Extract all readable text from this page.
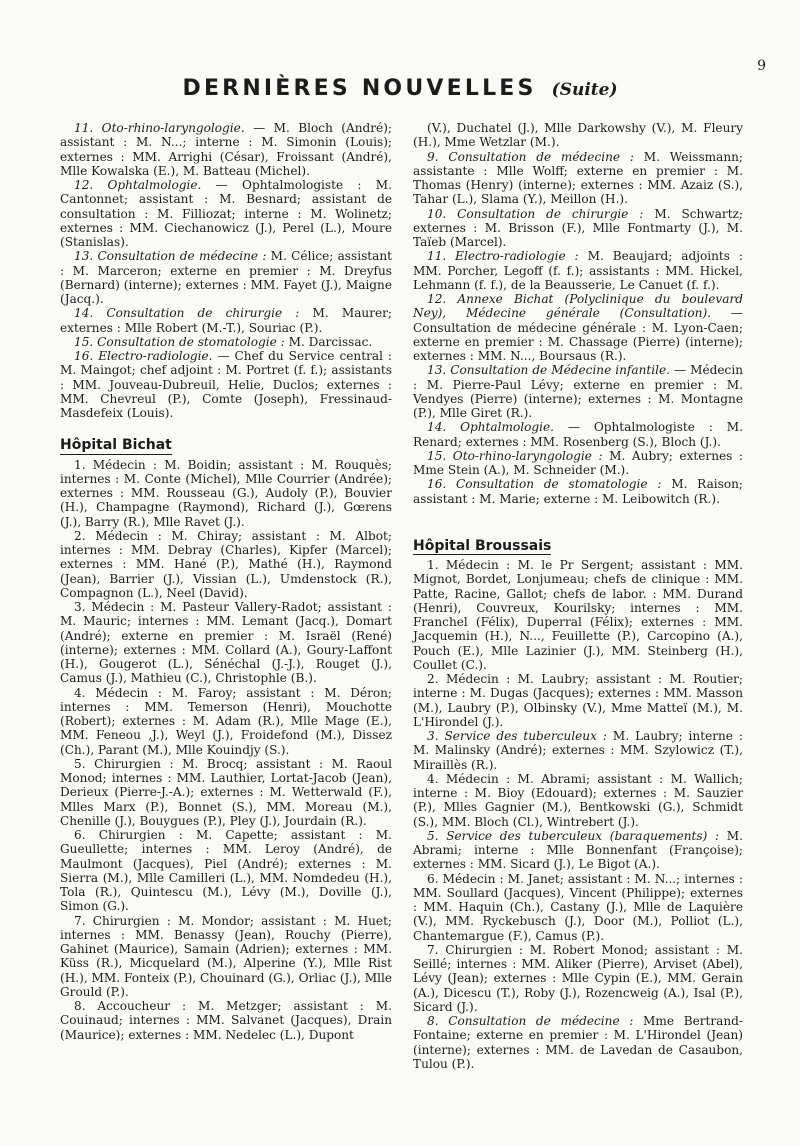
9
DERNIÈRES NOUVELLES (Suite)

11. Oto-rhino-laryngologie. — M. Bloch (André); assistant : M. N...; interne : M. Simonin (Louis); externes : MM. Arrighi (César), Froissant (André), Mlle Kowalska (E.), M. Batteau (Michel).

12. Ophtalmologie. — Ophtalmologiste : M. Cantonnet; assistant : M. Besnard; assistant de consultation : M. Filliozat; interne : M. Wolinetz; externes : MM. Ciechanowicz (J.), Perel (L.), Moure (Stanislas).

13. Consultation de médecine : M. Célice; assistant : M. Marceron; externe en premier : M. Dreyfus (Bernard) (interne); externes : MM. Fayet (J.), Maigne (Jacq.).

14. Consultation de chirurgie : M. Maurer; externes : Mlle Robert (M.-T.), Souriac (P.).

15. Consultation de stomatologie : M. Darcissac.

16. Electro-radiologie. — Chef du Service central : M. Maingot; chef adjoint : M. Portret (f. f.); assistants : MM. Jouveau-Dubreuil, Helie, Duclos; externes : MM. Chevreul (P.), Comte (Joseph), Fressinaud-Masdefeix (Louis).

Hôpital Bichat

1. Médecin : M. Boidin; assistant : M. Rouquès; internes : M. Conte (Michel), Mlle Courrier (Andrée); externes : MM. Rousseau (G.), Audoly (P.), Bouvier (H.), Champagne (Raymond), Richard (J.), Gœrens (J.), Barry (R.), Mlle Ravet (J.).

2. Médecin : M. Chiray; assistant : M. Albot; internes : MM. Debray (Charles), Kipfer (Marcel); externes : MM. Hané (P.), Mathé (H.), Raymond (Jean), Barrier (J.), Vissian (L.), Umdenstock (R.), Compagnon (L.), Neel (David).

3. Médecin : M. Pasteur Vallery-Radot; assistant : M. Mauric; internes : MM. Lemant (Jacq.), Domart (André); externe en premier : M. Israël (René) (interne); externes : MM. Collard (A.), Goury-Laffont (H.), Gougerot (L.), Sénéchal (J.-J.), Rouget (J.), Camus (J.), Mathieu (C.), Christophle (B.).

4. Médecin : M. Faroy; assistant : M. Déron; internes : MM. Temerson (Henri), Mouchotte (Robert); externes : M. Adam (R.), Mlle Mage (E.), MM. Feneou ,J.), Weyl (J.), Froidefond (M.), Dissez (Ch.), Parant (M.), Mlle Kouindjy (S.).

5. Chirurgien : M. Brocq; assistant : M. Raoul Monod; internes : MM. Lauthier, Lortat-Jacob (Jean), Derieux (Pierre-J.-A.); externes : M. Wetterwald (F.), Mlles Marx (P.), Bonnet (S.), MM. Moreau (M.), Chenille (J.), Bouygues (P.), Pley (J.), Jourdain (R.).

6. Chirurgien : M. Capette; assistant : M. Gueullette; internes : MM. Leroy (André), de Maulmont (Jacques), Piel (André); externes : M. Sierra (M.), Mlle Camilleri (L.), MM. Nomdedeu (H.), Tola (R.), Quintescu (M.), Lévy (M.), Doville (J.), Simon (G.).

7. Chirurgien : M. Mondor; assistant : M. Huet; internes : MM. Benassy (Jean), Rouchy (Pierre), Gahinet (Maurice), Samain (Adrien); externes : MM. Küss (R.), Micquelard (M.), Alperine (Y.), Mlle Rist (H.), MM. Fonteix (P.), Chouinard (G.), Orliac (J.), Mlle Grould (P.).

8. Accoucheur : M. Metzger; assistant : M. Couinaud; internes : MM. Salvanet (Jacques), Drain (Maurice); externes : MM. Nedelec (L.), Dupont

(V.), Duchatel (J.), Mlle Darkowshy (V.), M. Fleury (H.), Mme Wetzlar (M.).

9. Consultation de médecine : M. Weissmann; assistante : Mlle Wolff; externe en premier : M. Thomas (Henry) (interne); externes : MM. Azaiz (S.), Tahar (L.), Slama (Y.), Meillon (H.).

10. Consultation de chirurgie : M. Schwartz; externes : M. Brisson (F.), Mlle Fontmarty (J.), M. Taïeb (Marcel).

11. Electro-radiologie : M. Beaujard; adjoints : MM. Porcher, Legoff (f. f.); assistants : MM. Hickel, Lehmann (f. f.), de la Beausserie, Le Canuet (f. f.).

12. Annexe Bichat (Polyclinique du boulevard Ney), Médecine générale (Consultation). — Consultation de médecine générale : M. Lyon-Caen; externe en premier : M. Chassage (Pierre) (interne); externes : MM. N..., Boursaus (R.).

13. Consultation de Médecine infantile. — Médecin : M. Pierre-Paul Lévy; externe en premier : M. Vendyes (Pierre) (interne); externes : M. Montagne (P.), Mlle Giret (R.).

14. Ophtalmologie. — Ophtalmologiste : M. Renard; externes : MM. Rosenberg (S.), Bloch (J.).

15. Oto-rhino-laryngologie : M. Aubry; externes : Mme Stein (A.), M. Schneider (M.).

16. Consultation de stomatologie : M. Raison; assistant : M. Marie; externe : M. Leibowitch (R.).

Hôpital Broussais

1. Médecin : M. le Pr Sergent; assistant : MM. Mignot, Bordet, Lonjumeau; chefs de clinique : MM. Patte, Racine, Gallot; chefs de labor. : MM. Durand (Henri), Couvreux, Kourilsky; internes : MM. Franchel (Félix), Duperral (Félix); externes : MM. Jacquemin (H.), N..., Feuillette (P.), Carcopino (A.), Pouch (E.), Mlle Lazinier (J.), MM. Steinberg (H.), Coullet (C.).

2. Médecin : M. Laubry; assistant : M. Routier; interne : M. Dugas (Jacques); externes : MM. Masson (M.), Laubry (P.), Olbinsky (V.), Mme Matteï (M.), M. L'Hirondel (J.).

3. Service des tuberculeux : M. Laubry; interne : M. Malinsky (André); externes : MM. Szylowicz (T.), Miraillès (R.).

4. Médecin : M. Abrami; assistant : M. Wallich; interne : M. Bioy (Edouard); externes : M. Sauzier (P.), Mlles Gagnier (M.), Bentkowski (G.), Schmidt (S.), MM. Bloch (Cl.), Wintrebert (J.).

5. Service des tuberculeux (baraquements) : M. Abrami; interne : Mlle Bonnenfant (Françoise); externes : MM. Sicard (J.), Le Bigot (A.).

6. Médecin : M. Janet; assistant : M. N...; internes : MM. Soullard (Jacques), Vincent (Philippe); externes : MM. Haquin (Ch.), Castany (J.), Mlle de Laquière (V.), MM. Ryckebusch (J.), Door (M.), Polliot (L.), Chantemargue (F.), Camus (P.).

7. Chirurgien : M. Robert Monod; assistant : M. Seillé; internes : MM. Aliker (Pierre), Arviset (Abel), Lévy (Jean); externes : Mlle Cypin (E.), MM. Gerain (A.), Dicescu (T.), Roby (J.), Rozencweig (A.), Isal (P.), Sicard (J.).

8. Consultation de médecine : Mme Bertrand-Fontaine; externe en premier : M. L'Hirondel (Jean) (interne); externes : MM. de Lavedan de Casaubon, Tulou (P.).
